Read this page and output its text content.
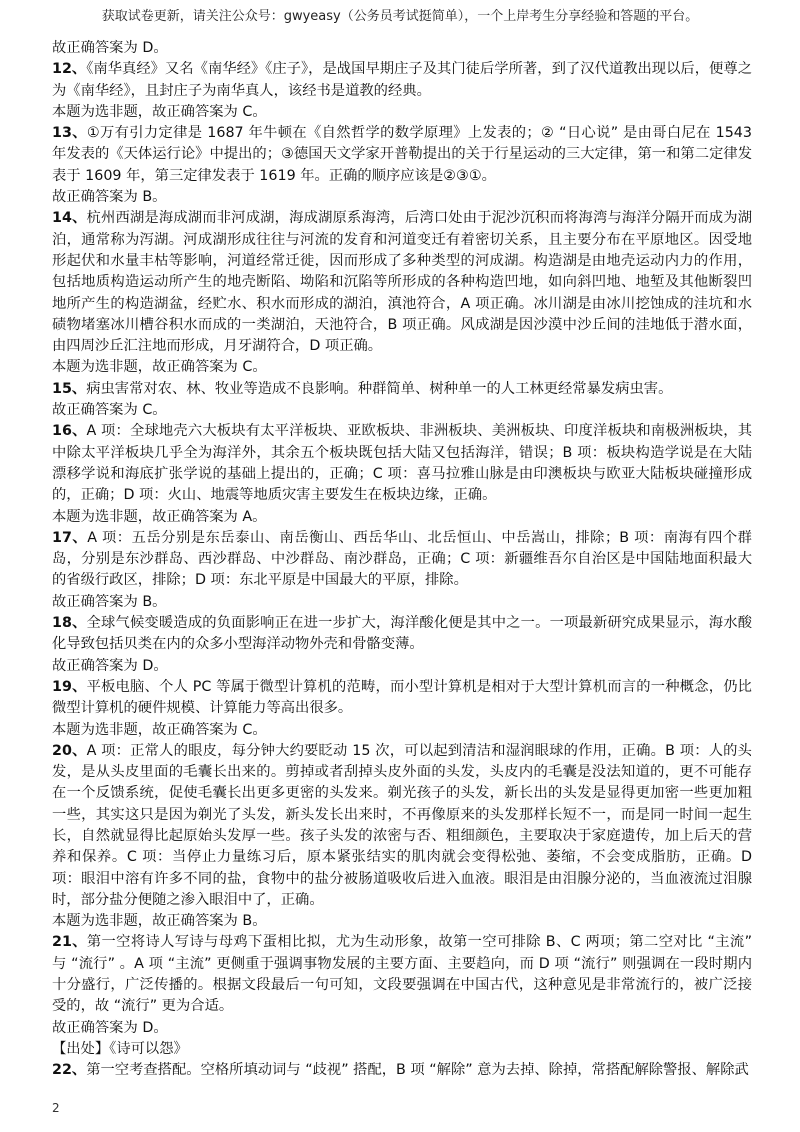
获取试卷更新，请关注公众号：gwyeasy（公务员考试挺简单），一个上岸考生分享经验和答题的平台。

故正确答案为 D。

12、《南华真经》又名《南华经》《庄子》，是战国早期庄子及其门徒后学所著，到了汉代道教出现以后，便尊之为《南华经》，且封庄子为南华真人，该经书是道教的经典。

本题为选非题，故正确答案为 C。

13、①万有引力定律是 1687 年牛顿在《自然哲学的数学原理》上发表的；② “日心说” 是由哥白尼在 1543 年发表的《天体运行论》中提出的；③德国天文学家开普勒提出的关于行星运动的三大定律，第一和第二定律发表于 1609 年，第三定律发表于 1619 年。正确的顺序应该是②③①。

故正确答案为 B。

14、杭州西湖是海成湖而非河成湖，海成湖原系海湾，后湾口处由于泥沙沉积而将海湾与海洋分隔开而成为湖泊，通常称为泻湖。河成湖形成往往与河流的发育和河道变迁有着密切关系，且主要分布在平原地区。因受地形起伏和水量丰枯等影响，河道经常迁徙，因而形成了多种类型的河成湖。构造湖是由地壳运动内力的作用，包括地质构造运动所产生的地壳断陷、坳陷和沉陷等所形成的各种构造凹地，如向斜凹地、地堑及其他断裂凹地所产生的构造湖盆，经贮水、积水而形成的湖泊，滇池符合，A 项正确。冰川湖是由冰川挖蚀成的洼坑和水碛物堵塞冰川槽谷积水而成的一类湖泊，天池符合，B 项正确。风成湖是因沙漠中沙丘间的洼地低于潜水面，由四周沙丘汇注地而形成，月牙湖符合，D 项正确。

本题为选非题，故正确答案为 C。

15、病虫害常对农、林、牧业等造成不良影响。种群简单、树种单一的人工林更经常暴发病虫害。

故正确答案为 C。

16、A 项：全球地壳六大板块有太平洋板块、亚欧板块、非洲板块、美洲板块、印度洋板块和南极洲板块，其中除太平洋板块几乎全为海洋外，其余五个板块既包括大陆又包括海洋，错误；B 项：板块构造学说是在大陆漂移学说和海底扩张学说的基础上提出的，正确；C 项：喜马拉雅山脉是由印澳板块与欧亚大陆板块碰撞形成的，正确；D 项：火山、地震等地质灾害主要发生在板块边缘，正确。

本题为选非题，故正确答案为 A。

17、A 项：五岳分别是东岳泰山、南岳衡山、西岳华山、北岳恒山、中岳嵩山，排除；B 项：南海有四个群岛，分别是东沙群岛、西沙群岛、中沙群岛、南沙群岛，正确；C 项：新疆维吾尔自治区是中国陆地面积最大的省级行政区，排除；D 项：东北平原是中国最大的平原，排除。

故正确答案为 B。

18、全球气候变暖造成的负面影响正在进一步扩大，海洋酸化便是其中之一。一项最新研究成果显示，海水酸化导致包括贝类在内的众多小型海洋动物外壳和骨骼变薄。

故正确答案为 D。

19、平板电脑、个人 PC 等属于微型计算机的范畴，而小型计算机是相对于大型计算机而言的一种概念，仍比微型计算机的硬件规模、计算能力等高出很多。

本题为选非题，故正确答案为 C。

20、A 项：正常人的眼皮，每分钟大约要眨动 15 次，可以起到清洁和湿润眼球的作用，正确。B 项：人的头发，是从头皮里面的毛囊长出来的。剪掉或者刮掉头皮外面的头发，头皮内的毛囊是没法知道的，更不可能存在一个反馈系统，促使毛囊长出更多更密的头发来。剃光孩子的头发，新长出的头发是显得更加密一些更加粗一些，其实这只是因为剃光了头发，新头发长出来时，不再像原来的头发那样长短不一，而是同一时间一起生长，自然就显得比起原始头发厚一些。孩子头发的浓密与否、粗细颜色，主要取决于家庭遗传，加上后天的营养和保养。C 项：当停止力量练习后，原本紧张结实的肌肉就会变得松弛、萎缩，不会变成脂肪，正确。D 项：眼泪中溶有许多不同的盐，食物中的盐分被肠道吸收后进入血液。眼泪是由泪腺分泌的，当血液流过泪腺时，部分盐分便随之渗入眼泪中了，正确。

本题为选非题，故正确答案为 B。

21、第一空将诗人写诗与母鸡下蛋相比拟，尤为生动形象，故第一空可排除 B、C 两项；第二空对比 “主流” 与 “流行” 。A 项 “主流” 更侧重于强调事物发展的主要方面、主要趋向，而 D 项 “流行” 则强调在一段时期内十分盛行，广泛传播的。根据文段最后一句可知，文段要强调在中国古代，这种意见是非常流行的，被广泛接受的，故 “流行” 更为合适。

故正确答案为 D。

【出处】《诗可以怨》

22、第一空考查搭配。空格所填动词与 “歧视” 搭配，B 项 “解除” 意为去掉、除掉，常搭配解除警报、解除武

2
